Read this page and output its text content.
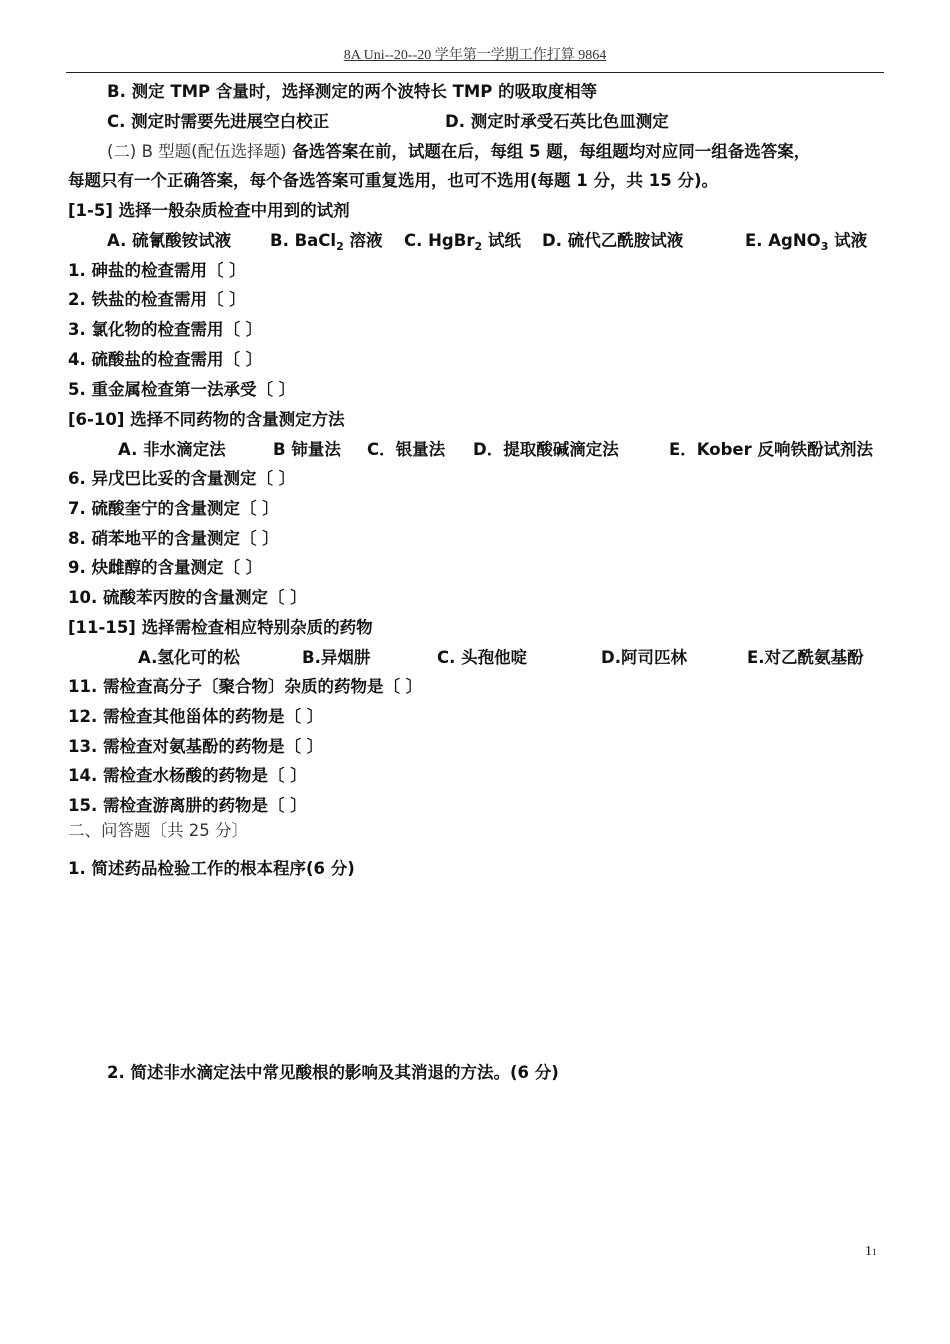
8A Uni--20--20 学年第一学期工作打算 9864
B. 测定 TMP 含量时，选择测定的两个波特长 TMP 的吸取度相等
C. 测定时需要先进展空白校正	D. 测定时承受石英比色皿测定
(二) B 型题(配伍选择题) 备选答案在前，试题在后，每组 5 题，每组题均对应同一组备选答案，
每题只有一个正确答案，每个备选答案可重复选用，也可不选用(每题 1 分，共 15 分)。
[1-5] 选择一般杂质检查中用到的试剂
A. 硫氰酸铵试液 B. BaCl$_2$ 溶液 C. HgBr$_2$ 试纸 D. 硫代乙酰胺试液	E. AgNO$_3$ 试液
1. 砷盐的检查需用〔 〕
2. 铁盐的检查需用〔 〕
3. 氯化物的检查需用〔 〕
4. 硫酸盐的检查需用〔 〕
5. 重金属检查第一法承受〔 〕
[6-10] 选择不同药物的含量测定方法
A. 非水滴定法	B 铈量法 C．银量法 D．提取酸碱滴定法	E．Kober 反响铁酚试剂法
6. 异戊巴比妥的含量测定〔 〕
7. 硫酸奎宁的含量测定〔 〕
8. 硝苯地平的含量测定〔 〕
9. 炔雌醇的含量测定〔 〕
10. 硫酸苯丙胺的含量测定〔 〕
[11-15] 选择需检查相应特别杂质的药物
A.氢化可的松	B.异烟肼	C. 头孢他啶	D.阿司匹林	E.对乙酰氨基酚
11. 需检查高分子〔聚合物〕杂质的药物是〔 〕
12. 需检查其他甾体的药物是〔 〕
13. 需检查对氨基酚的药物是〔 〕
14. 需检查水杨酸的药物是〔 〕
15. 需检查游离肼的药物是〔 〕
二、问答题〔共 25 分〕
1. 简述药品检验工作的根本程序(6 分)
2. 简述非水滴定法中常见酸根的影响及其消退的方法。(6 分)
11
